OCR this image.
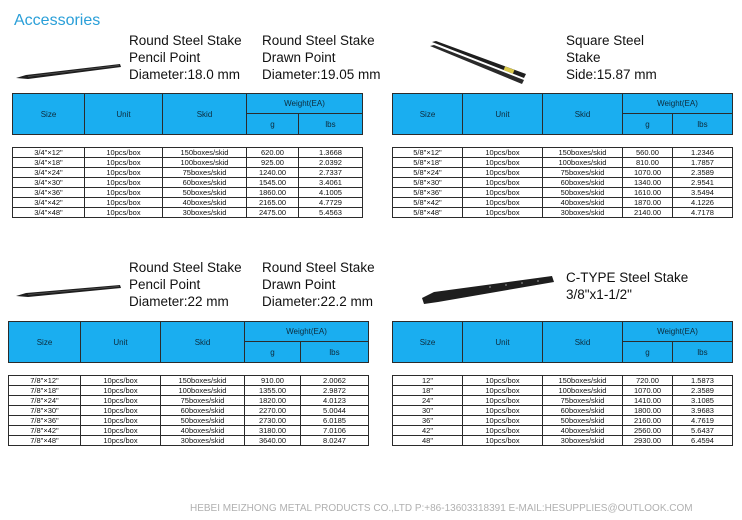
Accessories
Round Steel Stake
Pencil Point
Diameter:18.0 mm
Round Steel Stake
Drawn Point
Diameter:19.05 mm
Square Steel
Stake
Side:15.87 mm
Round Steel Stake
Pencil Point
Diameter:22 mm
Round Steel Stake
Drawn Point
Diameter:22.2 mm
C-TYPE Steel Stake
3/8"x1-1/2"
Size	Unit	Skid	Weight(EA)	
			g	lbs

3/4"×12"	10pcs/box	150boxes/skid	620.00	1.3668
3/4"×18"	10pcs/box	100boxes/skid	925.00	2.0392
3/4"×24"	10pcs/box	75boxes/skid	1240.00	2.7337
3/4"×30"	10pcs/box	60boxes/skid	1545.00	3.4061
3/4"×36"	10pcs/box	50boxes/skid	1860.00	4.1005
3/4"×42"	10pcs/box	40boxes/skid	2165.00	4.7729
3/4"×48"	10pcs/box	30boxes/skid	2475.00	5.4563
Size	Unit	Skid	Weight(EA)	
			g	lbs

5/8"×12"	10pcs/box	150boxes/skid	560.00	1.2346
5/8"×18"	10pcs/box	100boxes/skid	810.00	1.7857
5/8"×24"	10pcs/box	75boxes/skid	1070.00	2.3589
5/8"×30"	10pcs/box	60boxes/skid	1340.00	2.9541
5/8"×36"	10pcs/box	50boxes/skid	1610.00	3.5494
5/8"×42"	10pcs/box	40boxes/skid	1870.00	4.1226
5/8"×48"	10pcs/box	30boxes/skid	2140.00	4.7178
Size	Unit	Skid	Weight(EA)	
			g	lbs

7/8"×12"	10pcs/box	150boxes/skid	910.00	2.0062
7/8"×18"	10pcs/box	100boxes/skid	1355.00	2.9872
7/8"×24"	10pcs/box	75boxes/skid	1820.00	4.0123
7/8"×30"	10pcs/box	60boxes/skid	2270.00	5.0044
7/8"×36"	10pcs/box	50boxes/skid	2730.00	6.0185
7/8"×42"	10pcs/box	40boxes/skid	3180.00	7.0106
7/8"×48"	10pcs/box	30boxes/skid	3640.00	8.0247
Size	Unit	Skid	Weight(EA)	
			g	lbs

12"	10pcs/box	150boxes/skid	720.00	1.5873
18"	10pcs/box	100boxes/skid	1070.00	2.3589
24"	10pcs/box	75boxes/skid	1410.00	3.1085
30"	10pcs/box	60boxes/skid	1800.00	3.9683
36"	10pcs/box	50boxes/skid	2160.00	4.7619
42"	10pcs/box	40boxes/skid	2560.00	5.6437
48"	10pcs/box	30boxes/skid	2930.00	6.4594
HEBEI MEIZHONG METAL PRODUCTS CO.,LTD P:+86-13603318391 E-MAIL:HESUPPLIES@OUTLOOK.COM
